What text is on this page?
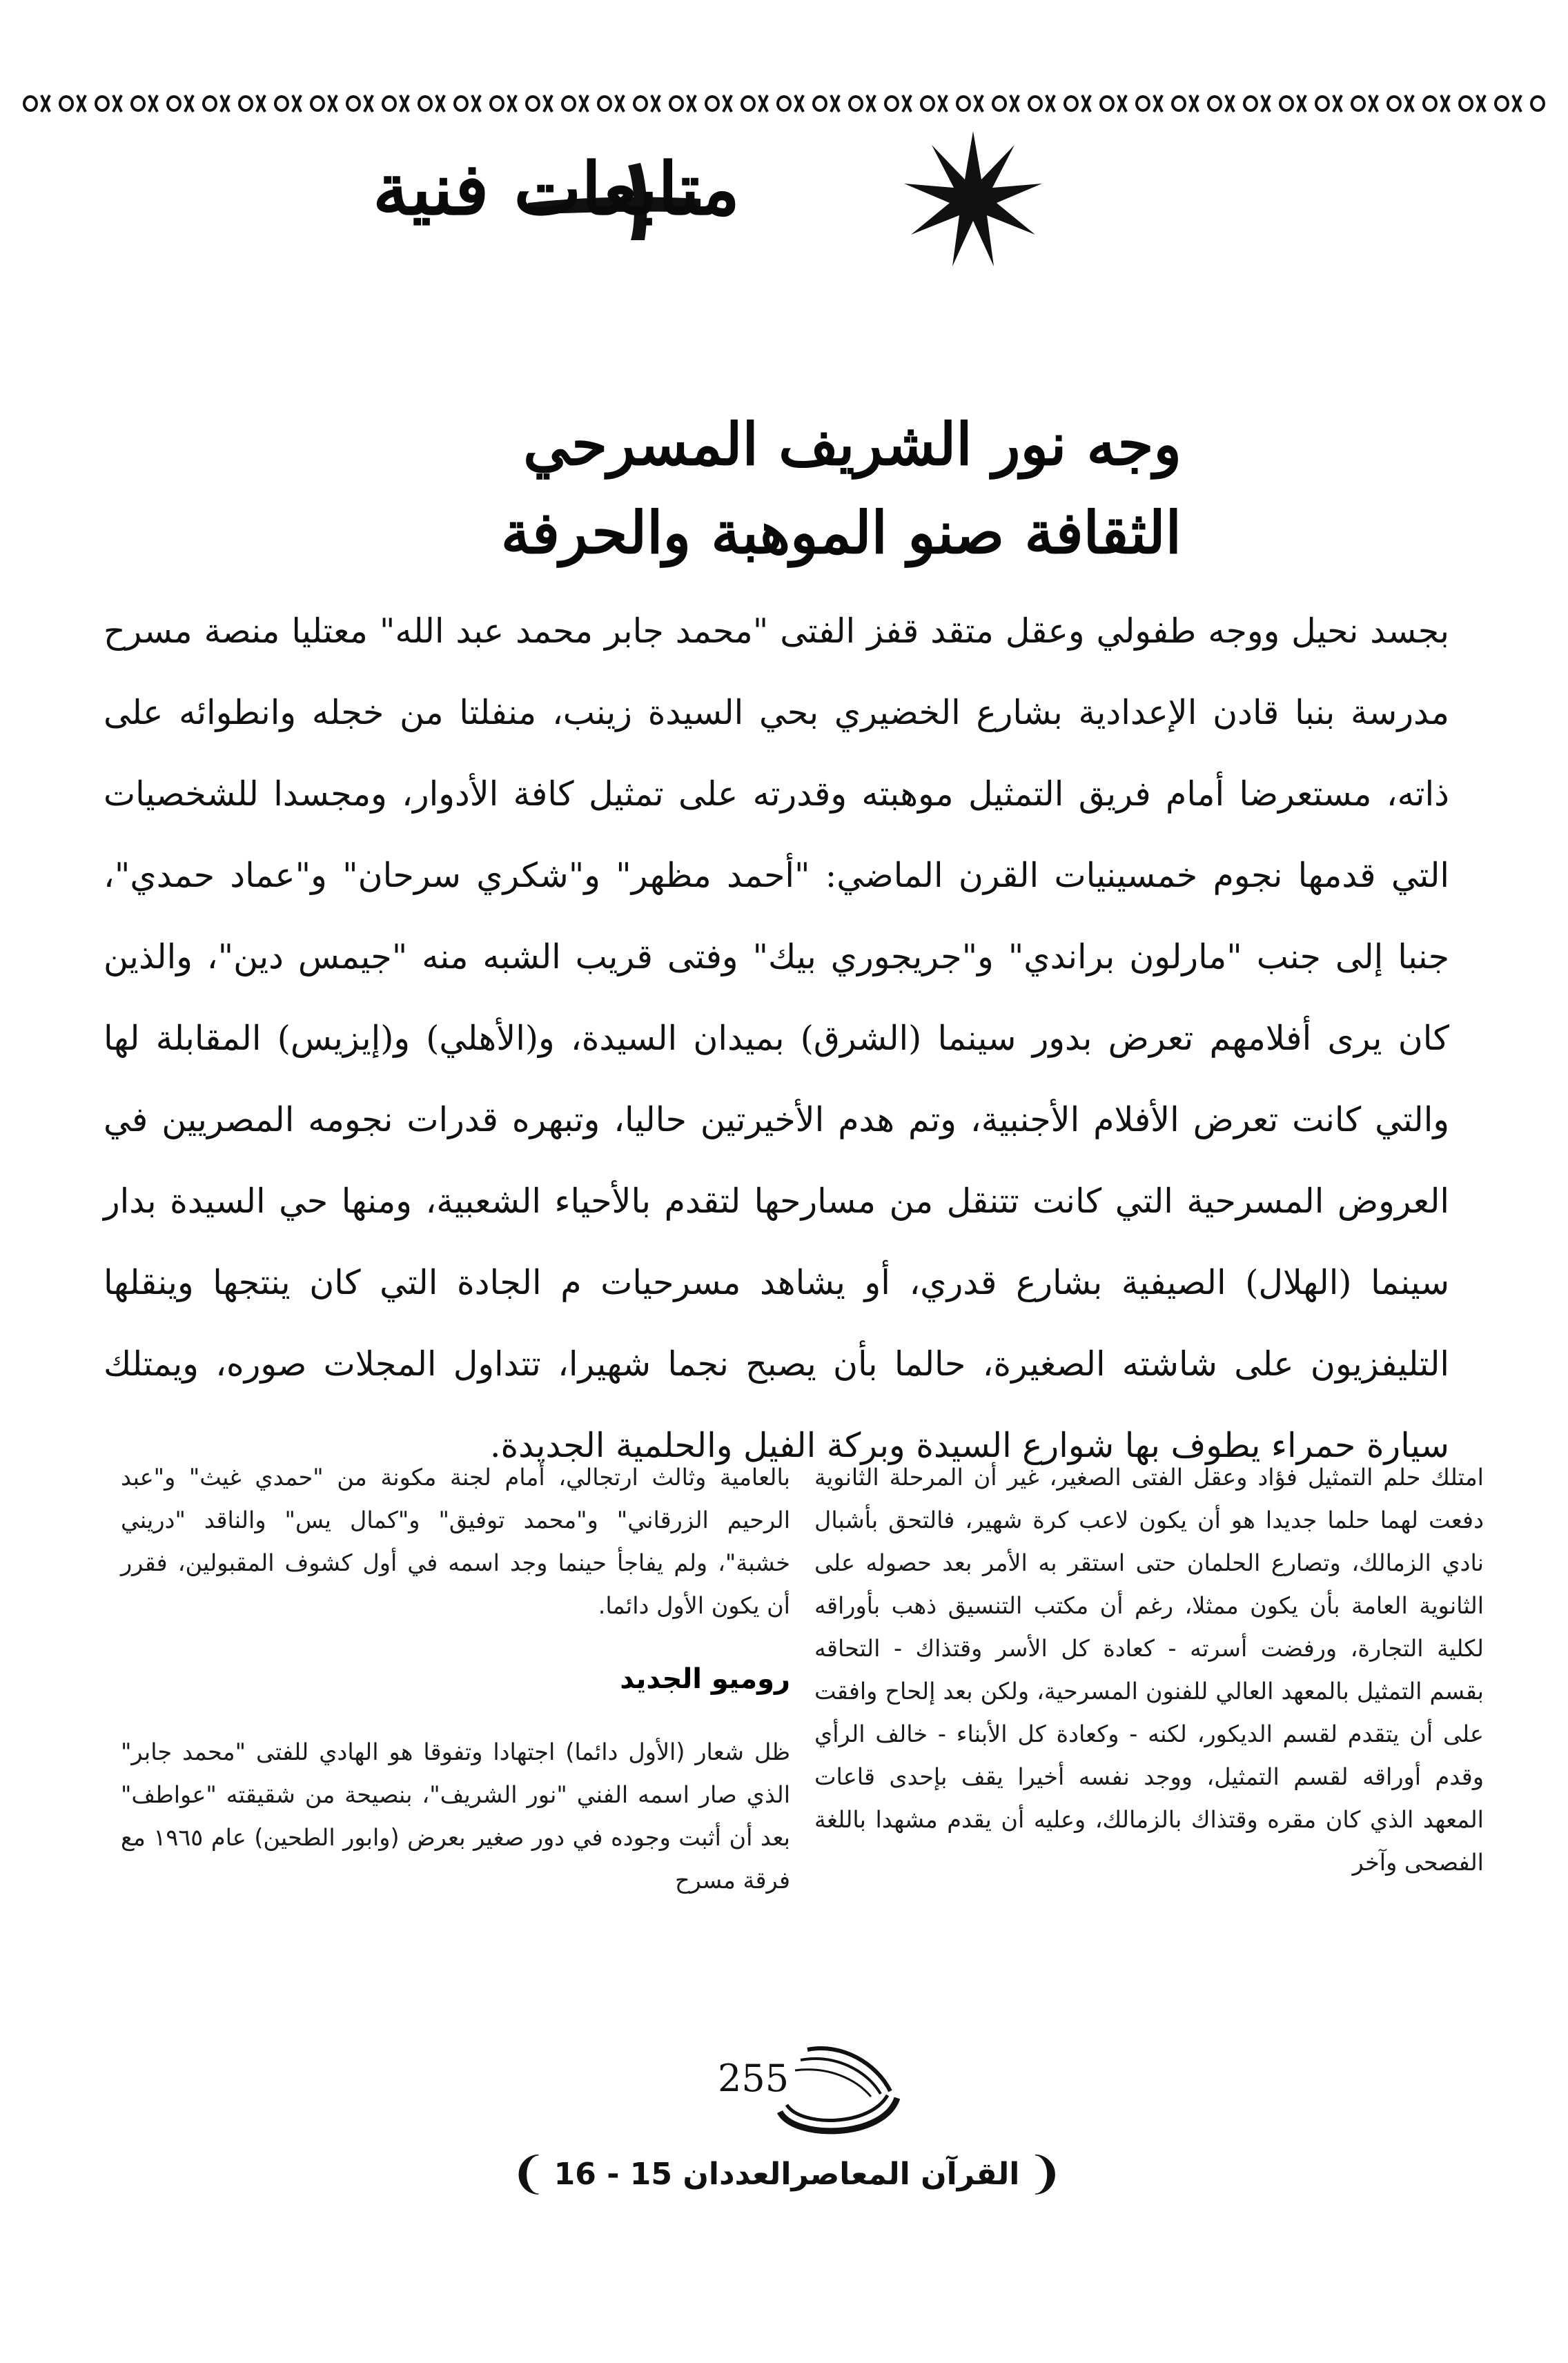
متابعات فنية
وجه نور الشريف المسرحي
الثقافة صنو الموهبة والحرفة
بجسد نحيل ووجه طفولي وعقل متقد قفز الفتى "محمد جابر محمد عبد الله" معتليا منصة مسرح مدرسة بنبا قادن الإعدادية بشارع الخضيري بحي السيدة زينب، منفلتا من خجله وانطوائه على ذاته، مستعرضا أمام فريق التمثيل موهبته وقدرته على تمثيل كافة الأدوار، ومجسدا للشخصيات التي قدمها نجوم خمسينيات القرن الماضي: "أحمد مظهر" و"شكري سرحان" و"عماد حمدي"، جنبا إلى جنب "مارلون براندي" و"جريجوري بيك" وفتى قريب الشبه منه "جيمس دين"، والذين كان يرى أفلامهم تعرض بدور سينما (الشرق) بميدان السيدة، و(الأهلي) و(إيزيس) المقابلة لها والتي كانت تعرض الأفلام الأجنبية، وتم هدم الأخيرتين حاليا، وتبهره قدرات نجومه المصريين في العروض المسرحية التي كانت تتنقل من مسارحها لتقدم بالأحياء الشعبية، ومنها حي السيدة بدار سينما (الهلال) الصيفية بشارع قدري، أو يشاهد مسرحيات م الجادة التي كان ينتجها وينقلها التليفزيون على شاشته الصغيرة، حالما بأن يصبح نجما شهيرا، تتداول المجلات صوره، ويمتلك سيارة حمراء يطوف بها شوارع السيدة وبركة الفيل والحلمية الجديدة.

امتلك حلم التمثيل فؤاد وعقل الفتى الصغير، غير أن المرحلة الثانوية دفعت لهما حلما جديدا هو أن يكون لاعب كرة شهير، فالتحق بأشبال نادي الزمالك، وتصارع الحلمان حتى استقر به الأمر بعد حصوله على الثانوية العامة بأن يكون ممثلا، رغم أن مكتب التنسيق ذهب بأوراقه لكلية التجارة، ورفضت أسرته - كعادة كل الأسر وقتذاك - التحاقه بقسم التمثيل بالمعهد العالي للفنون المسرحية، ولكن بعد إلحاح وافقت على أن يتقدم لقسم الديكور، لكنه - وكعادة كل الأبناء - خالف الرأي وقدم أوراقه لقسم التمثيل، ووجد نفسه أخيرا يقف بإحدى قاعات المعهد الذي كان مقره وقتذاك بالزمالك، وعليه أن يقدم مشهدا باللغة الفصحى وآخر

بالعامية وثالث ارتجالي، أمام لجنة مكونة من "حمدي غيث" و"عبد الرحيم الزرقاني" و"محمد توفيق" و"كمال يس" والناقد "دريني خشبة"، ولم يفاجأ حينما وجد اسمه في أول كشوف المقبولين، فقرر أن يكون الأول دائما.

روميو الجديد

ظل شعار (الأول دائما) اجتهادا وتفوقا هو الهادي للفتى "محمد جابر" الذي صار اسمه الفني "نور الشريف"، بنصيحة من شقيقته "عواطف" بعد أن أثبت وجوده في دور صغير بعرض (وابور الطحين) عام ١٩٦٥ مع فرقة مسرح

255
❨
القرآن المعاصر
العددان 15 - 16
❩
